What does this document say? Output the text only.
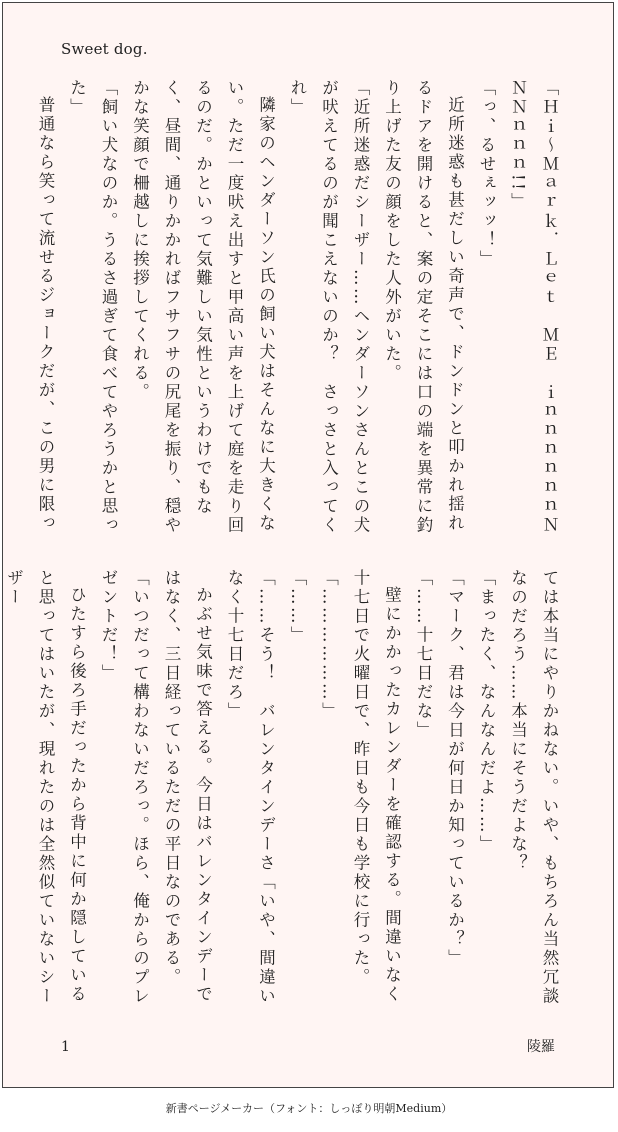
Sweet dog.

「Ｈｉ～Ｍａｒｋ．Ｌｅｔ　ＭＥ　ｉｎｎｎｎｎｎＮＮＮｎｎｎ!!」

「っ、るせぇッッ！」

近所迷惑も甚だしい奇声で、ドンドンと叩かれ揺れるドアを開けると、案の定そこには口の端を異常に釣り上げた友の顔をした人外がいた。

「近所迷惑だシーザー……ヘンダーソンさんとこの犬が吠えてるのが聞こえないのか？　さっさと入ってくれ」

隣家のヘンダーソン氏の飼い犬はそんなに大きくない。ただ一度吠え出すと甲高い声を上げて庭を走り回るのだ。かといって気難しい気性というわけでもなく、昼間、通りかかればフサフサの尻尾を振り、穏やかな笑顔で柵越しに挨拶してくれる。

「飼い犬なのか。うるさ過ぎて食べてやろうかと思った」

普通なら笑って流せるジョークだが、この男に限っ

ては本当にやりかねない。いや、もちろん当然冗談なのだろう……本当にそうだよな？

「まったく、なんなんだよ……」

「マーク、君は今日が何日か知っているか？」

「……十七日だな」

壁にかかったカレンダーを確認する。間違いなく十七日で火曜日で、昨日も今日も学校に行った。

「………………」

「……」

「……そう！　バレンタインデーさ「いや、間違いなく十七日だろ」

かぶせ気味で答える。今日はバレンタインデーではなく、三日経っているただの平日なのである。

「いつだって構わないだろっ。ほら、俺からのプレゼントだ！」

ひたすら後ろ手だったから背中に何か隠していると思ってはいたが、現れたのは全然似ていないシーザー

1	陵羅
新書ページメーカー（フォント：しっぽり明朝Medium）
